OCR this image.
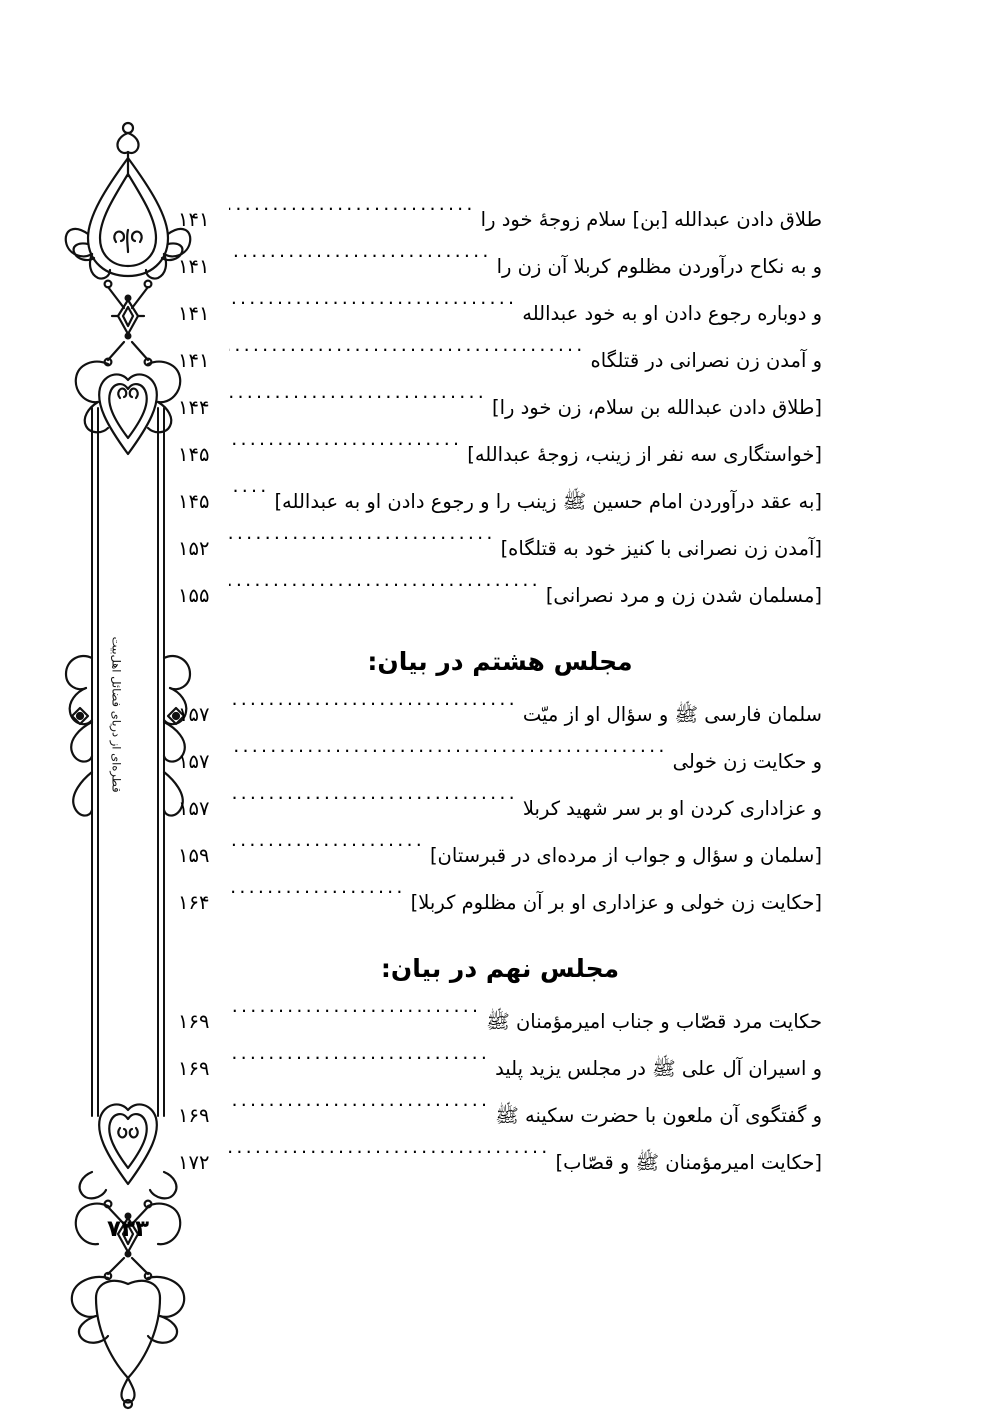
قطره‌ای از دریای فضائل اهل‌بیت
۷۳۳
طلاق دادن عبدالله [بن] سلام زوجهٔ خود را
.....
۱۴۱
و به نکاح درآوردن مظلوم کربلا آن زن را
.....
۱۴۱
و دوباره رجوع دادن او به خود عبدالله
.....
۱۴۱
و آمدن زن نصرانی در قتلگاه
.....
۱۴۱
[طلاق دادن عبدالله بن سلام، زن خود را]
.....
۱۴۴
[خواستگاری سه نفر از زینب، زوجهٔ عبدالله]
.....
۱۴۵
[به عقد درآوردن امام حسین ﷺ زینب را و رجوع دادن او به عبدالله]
.....
۱۴۵
[آمدن زن نصرانی با کنیز خود به قتلگاه]
.....
۱۵۲
[مسلمان شدن زن و مرد نصرانی]
.....
۱۵۵
مجلس هشتم در بیان:
سلمان فارسی ﷺ و سؤال او از میّت
.....
۱۵۷
و حکایت زن خولی
.....
۱۵۷
و عزاداری کردن او بر سر شهید کربلا
.....
۱۵۷
[سلمان و سؤال و جواب از مرده‌ای در قبرستان]
.....
۱۵۹
[حکایت زن خولی و عزاداری او بر آن مظلوم کربلا]
.....
۱۶۴
مجلس نهم در بیان:
حکایت مرد قصّاب و جناب امیرمؤمنان ﷺ
.....
۱۶۹
و اسیران آل علی ﷺ در مجلس یزید پلید
.....
۱۶۹
و گفتگوی آن ملعون با حضرت سکینه ﷺ
.....
۱۶۹
[حکایت امیرمؤمنان ﷺ و قصّاب]
.....
۱۷۲
